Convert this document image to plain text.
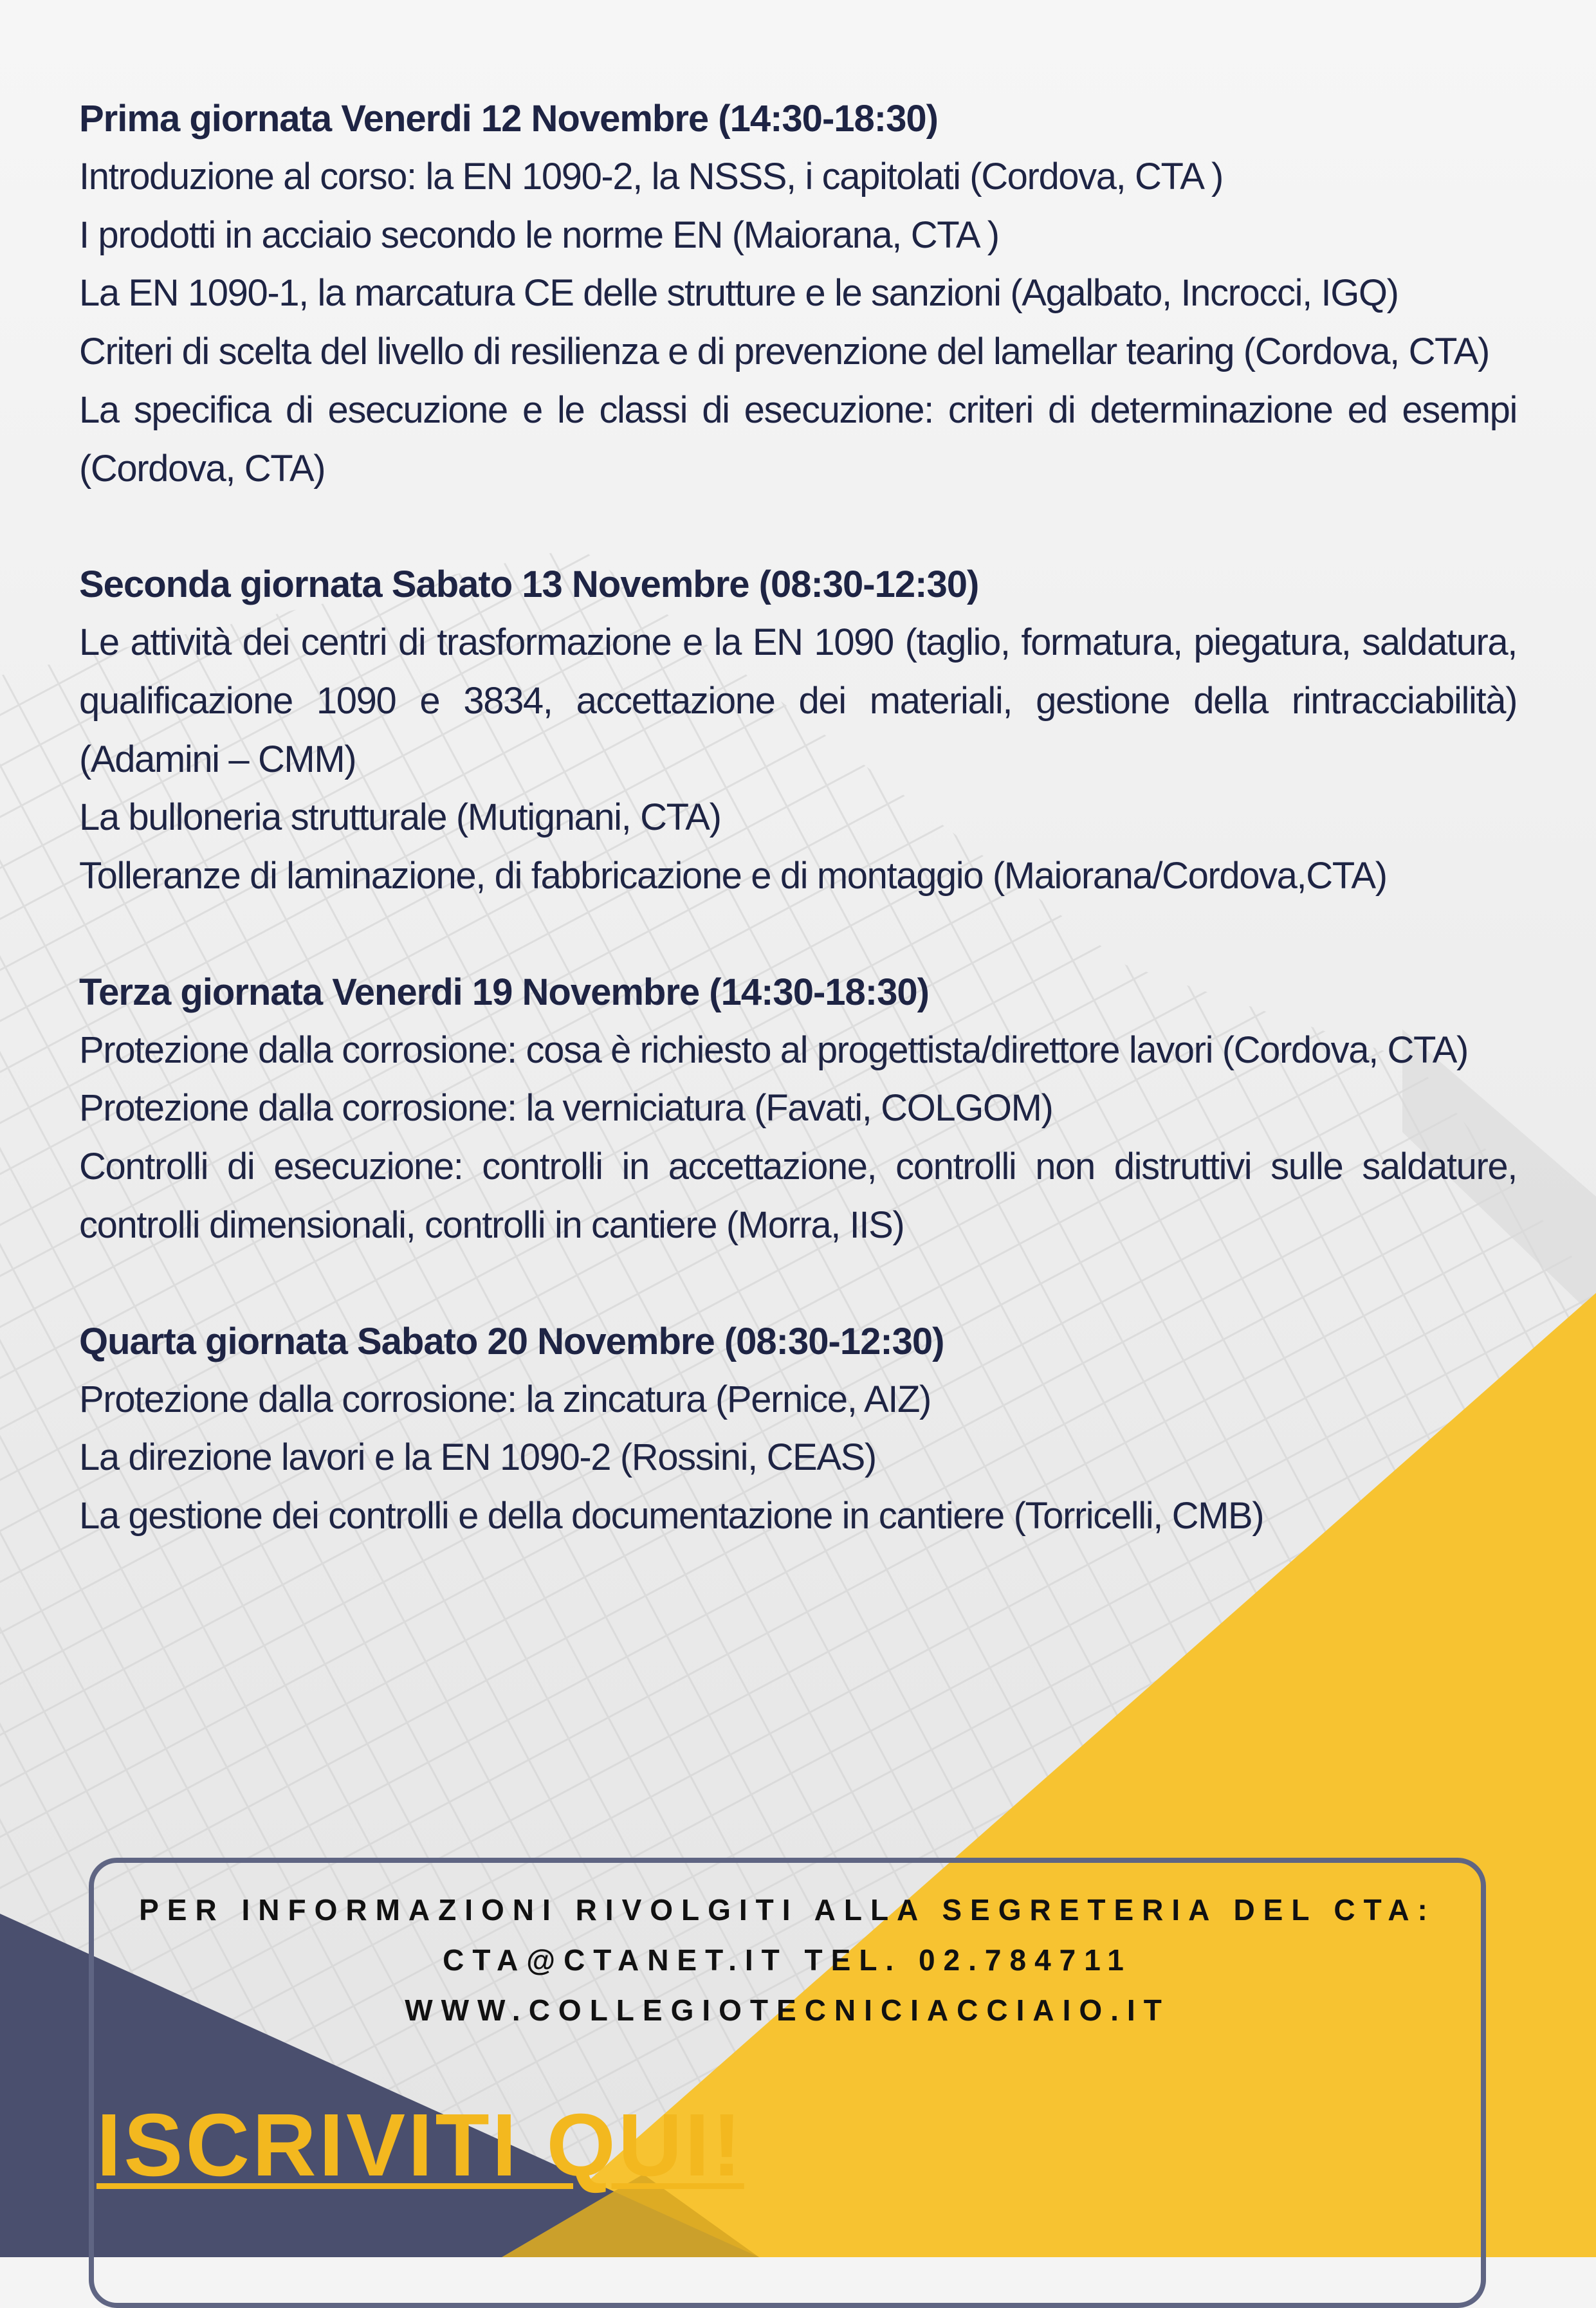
Prima giornata Venerdi 12 Novembre (14:30-18:30)
Introduzione al corso: la EN 1090-2, la NSSS, i capitolati (Cordova, CTA )
I prodotti in acciaio secondo le norme EN (Maiorana, CTA )
La EN 1090-1, la marcatura CE delle strutture e le sanzioni (Agalbato, Incrocci, IGQ)
Criteri di scelta del livello di resilienza e di prevenzione del lamellar tearing (Cordova, CTA)
La specifica di esecuzione e le classi di esecuzione: criteri di determinazione ed esempi (Cordova, CTA)
Seconda giornata Sabato 13 Novembre (08:30-12:30)
Le attività dei centri di trasformazione e la EN 1090 (taglio, formatura, piegatura, saldatura, qualificazione 1090 e 3834, accettazione dei materiali, gestione della rintracciabilità) (Adamini – CMM)
La bulloneria strutturale (Mutignani, CTA)
Tolleranze di laminazione, di fabbricazione e di montaggio (Maiorana/Cordova,CTA)
Terza giornata Venerdi 19 Novembre (14:30-18:30)
Protezione dalla corrosione: cosa è richiesto al progettista/direttore lavori (Cordova, CTA)
Protezione dalla corrosione: la verniciatura (Favati, COLGOM)
Controlli di esecuzione: controlli in accettazione, controlli non distruttivi sulle saldature, controlli dimensionali, controlli in cantiere (Morra, IIS)
Quarta giornata Sabato 20 Novembre (08:30-12:30)
Protezione dalla corrosione: la zincatura (Pernice, AIZ)
La direzione lavori e la EN 1090-2 (Rossini, CEAS)
La gestione dei controlli e della documentazione in cantiere (Torricelli, CMB)
PER INFORMAZIONI RIVOLGITI ALLA SEGRETERIA DEL CTA:
CTA@CTANET.IT TEL. 02.784711
WWW.COLLEGIOTECNICIACCIAIO.IT
ISCRIVITI QUI!
